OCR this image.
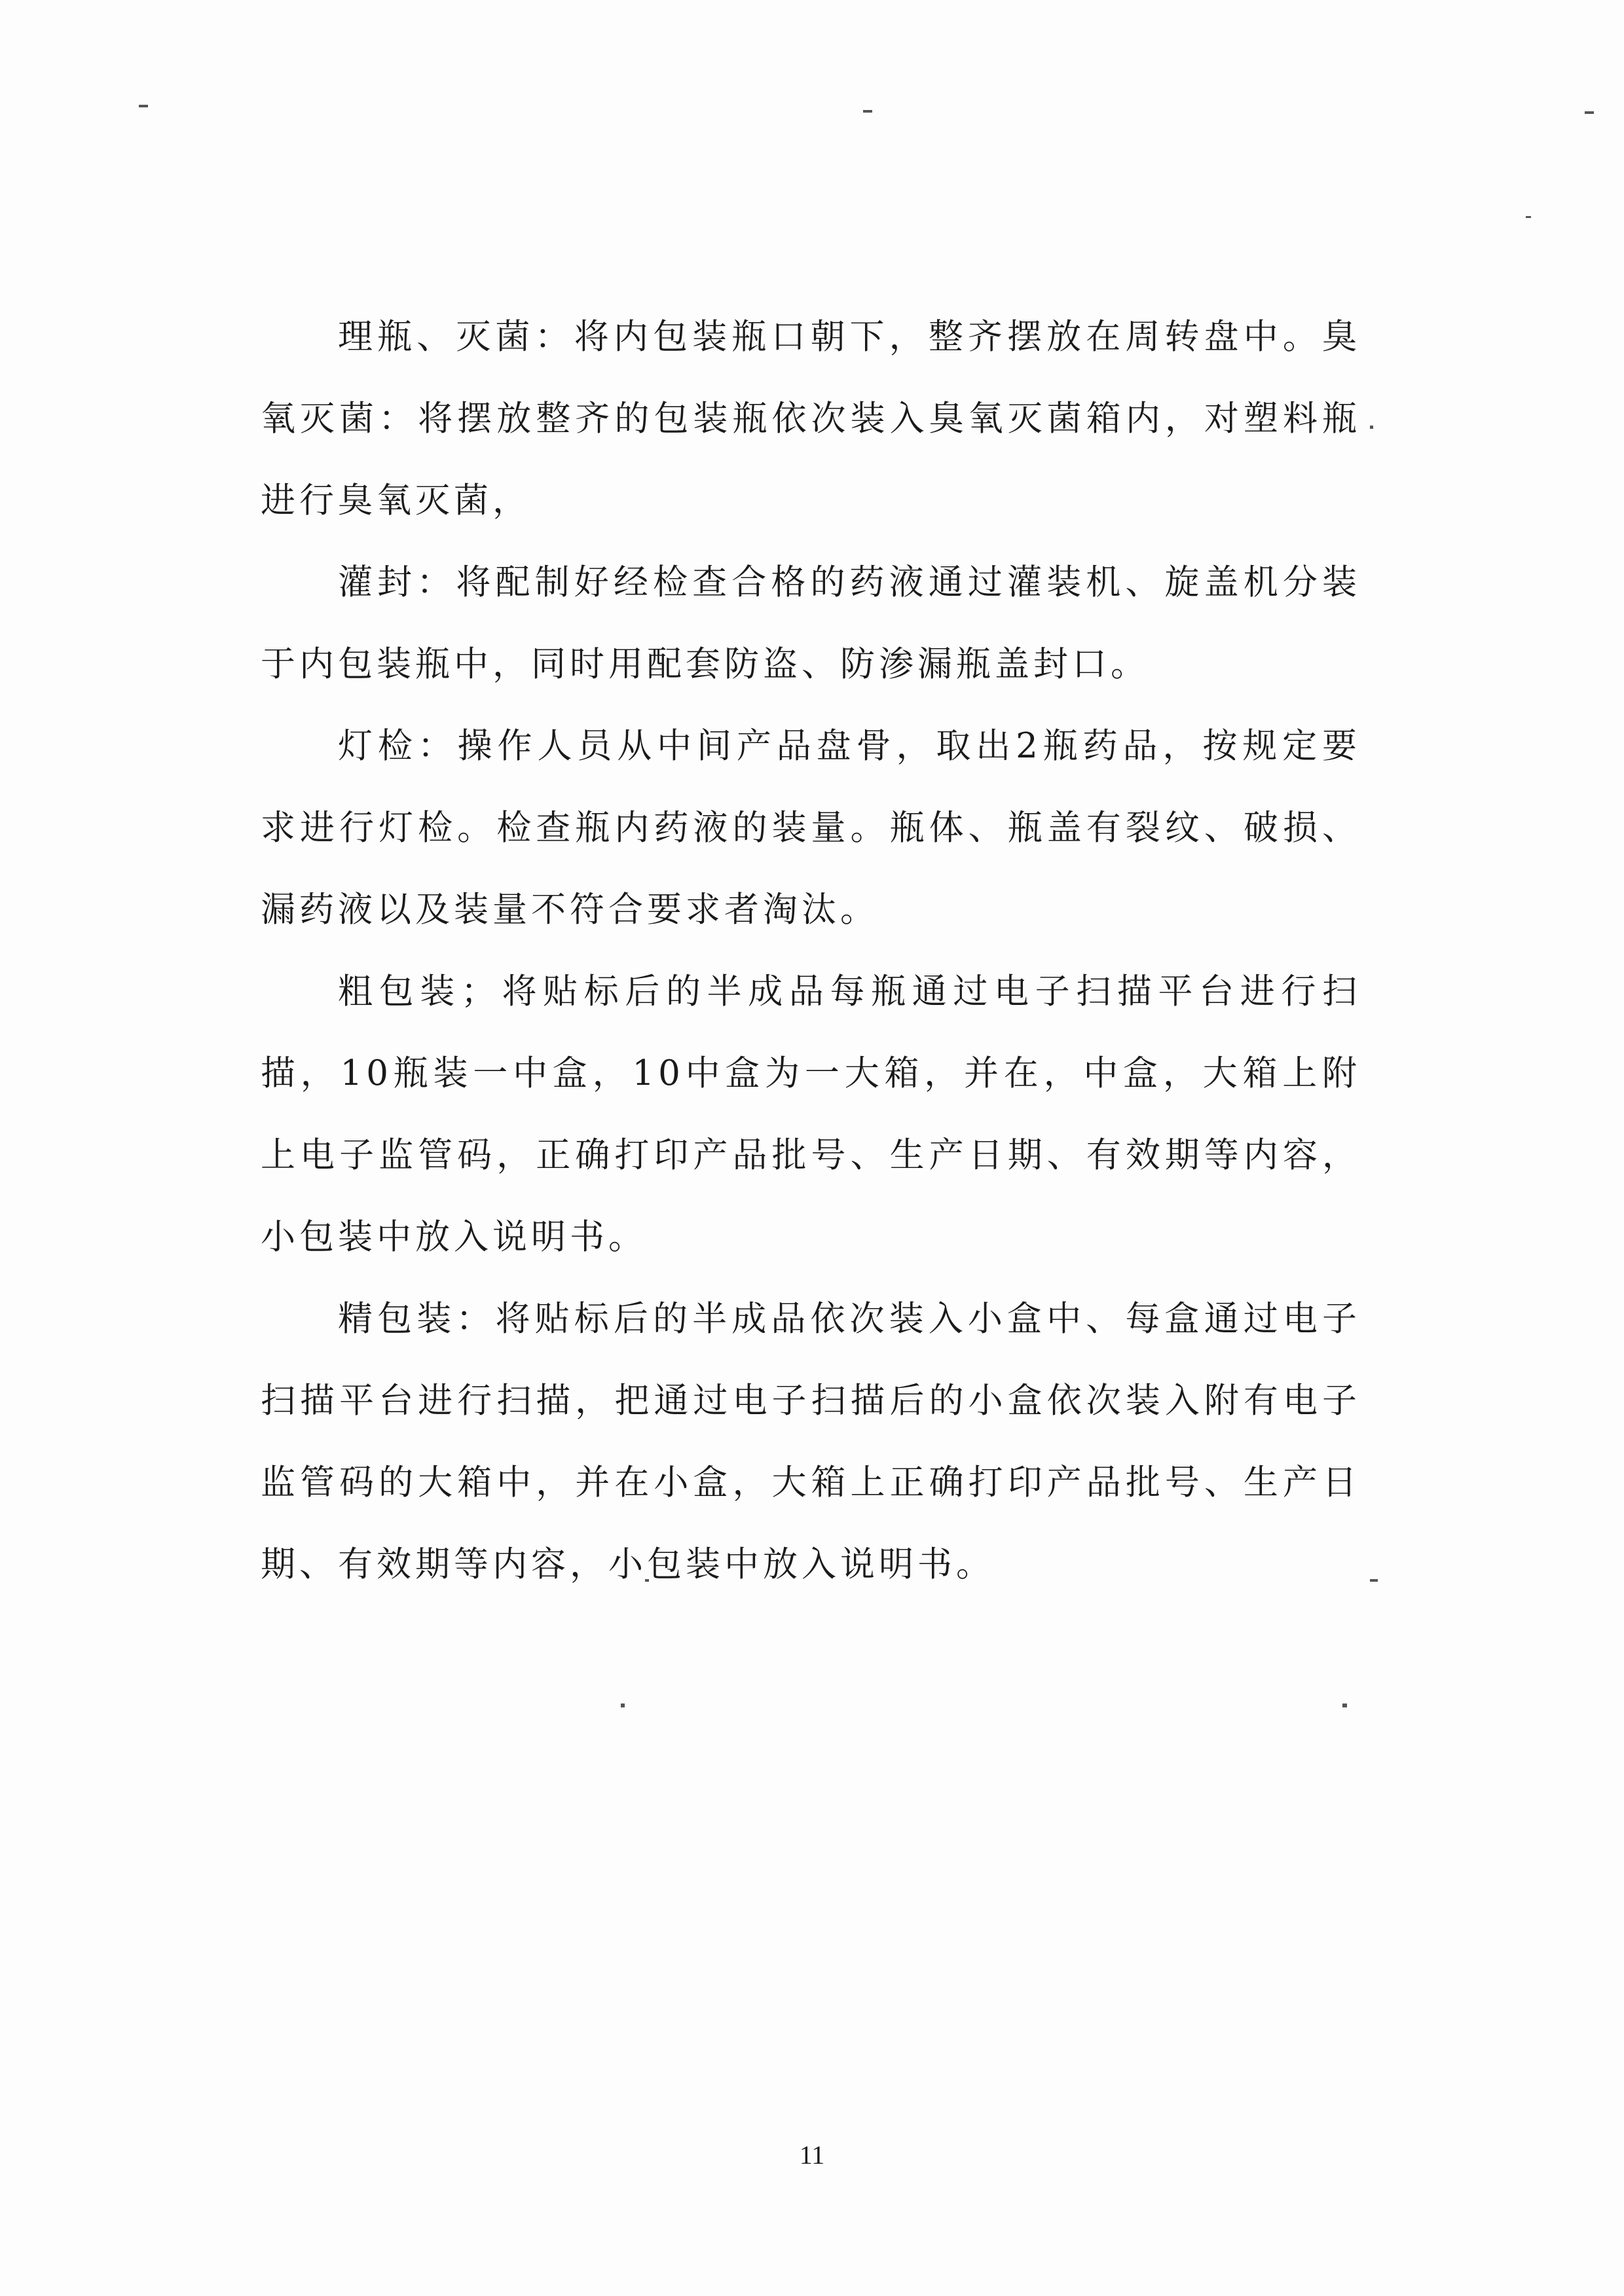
理瓶、灭菌：将内包装瓶口朝下，整齐摆放在周转盘中。臭氧灭菌：将摆放整齐的包装瓶依次装入臭氧灭菌箱内，对塑料瓶进行臭氧灭菌，

灌封：将配制好经检查合格的药液通过灌装机、旋盖机分装于内包装瓶中，同时用配套防盗、防渗漏瓶盖封口。

灯检：操作人员从中间产品盘骨，取出2瓶药品，按规定要求进行灯检。检查瓶内药液的装量。瓶体、瓶盖有裂纹、破损、漏药液以及装量不符合要求者淘汰。

粗包装；将贴标后的半成品每瓶通过电子扫描平台进行扫描，10瓶装一中盒，10中盒为一大箱，并在，中盒，大箱上附上电子监管码，正确打印产品批号、生产日期、有效期等内容，小包装中放入说明书。

精包装：将贴标后的半成品依次装入小盒中、每盒通过电子扫描平台进行扫描，把通过电子扫描后的小盒依次装入附有电子监管码的大箱中，并在小盒，大箱上正确打印产品批号、生产日期、有效期等内容，小包装中放入说明书。

11
